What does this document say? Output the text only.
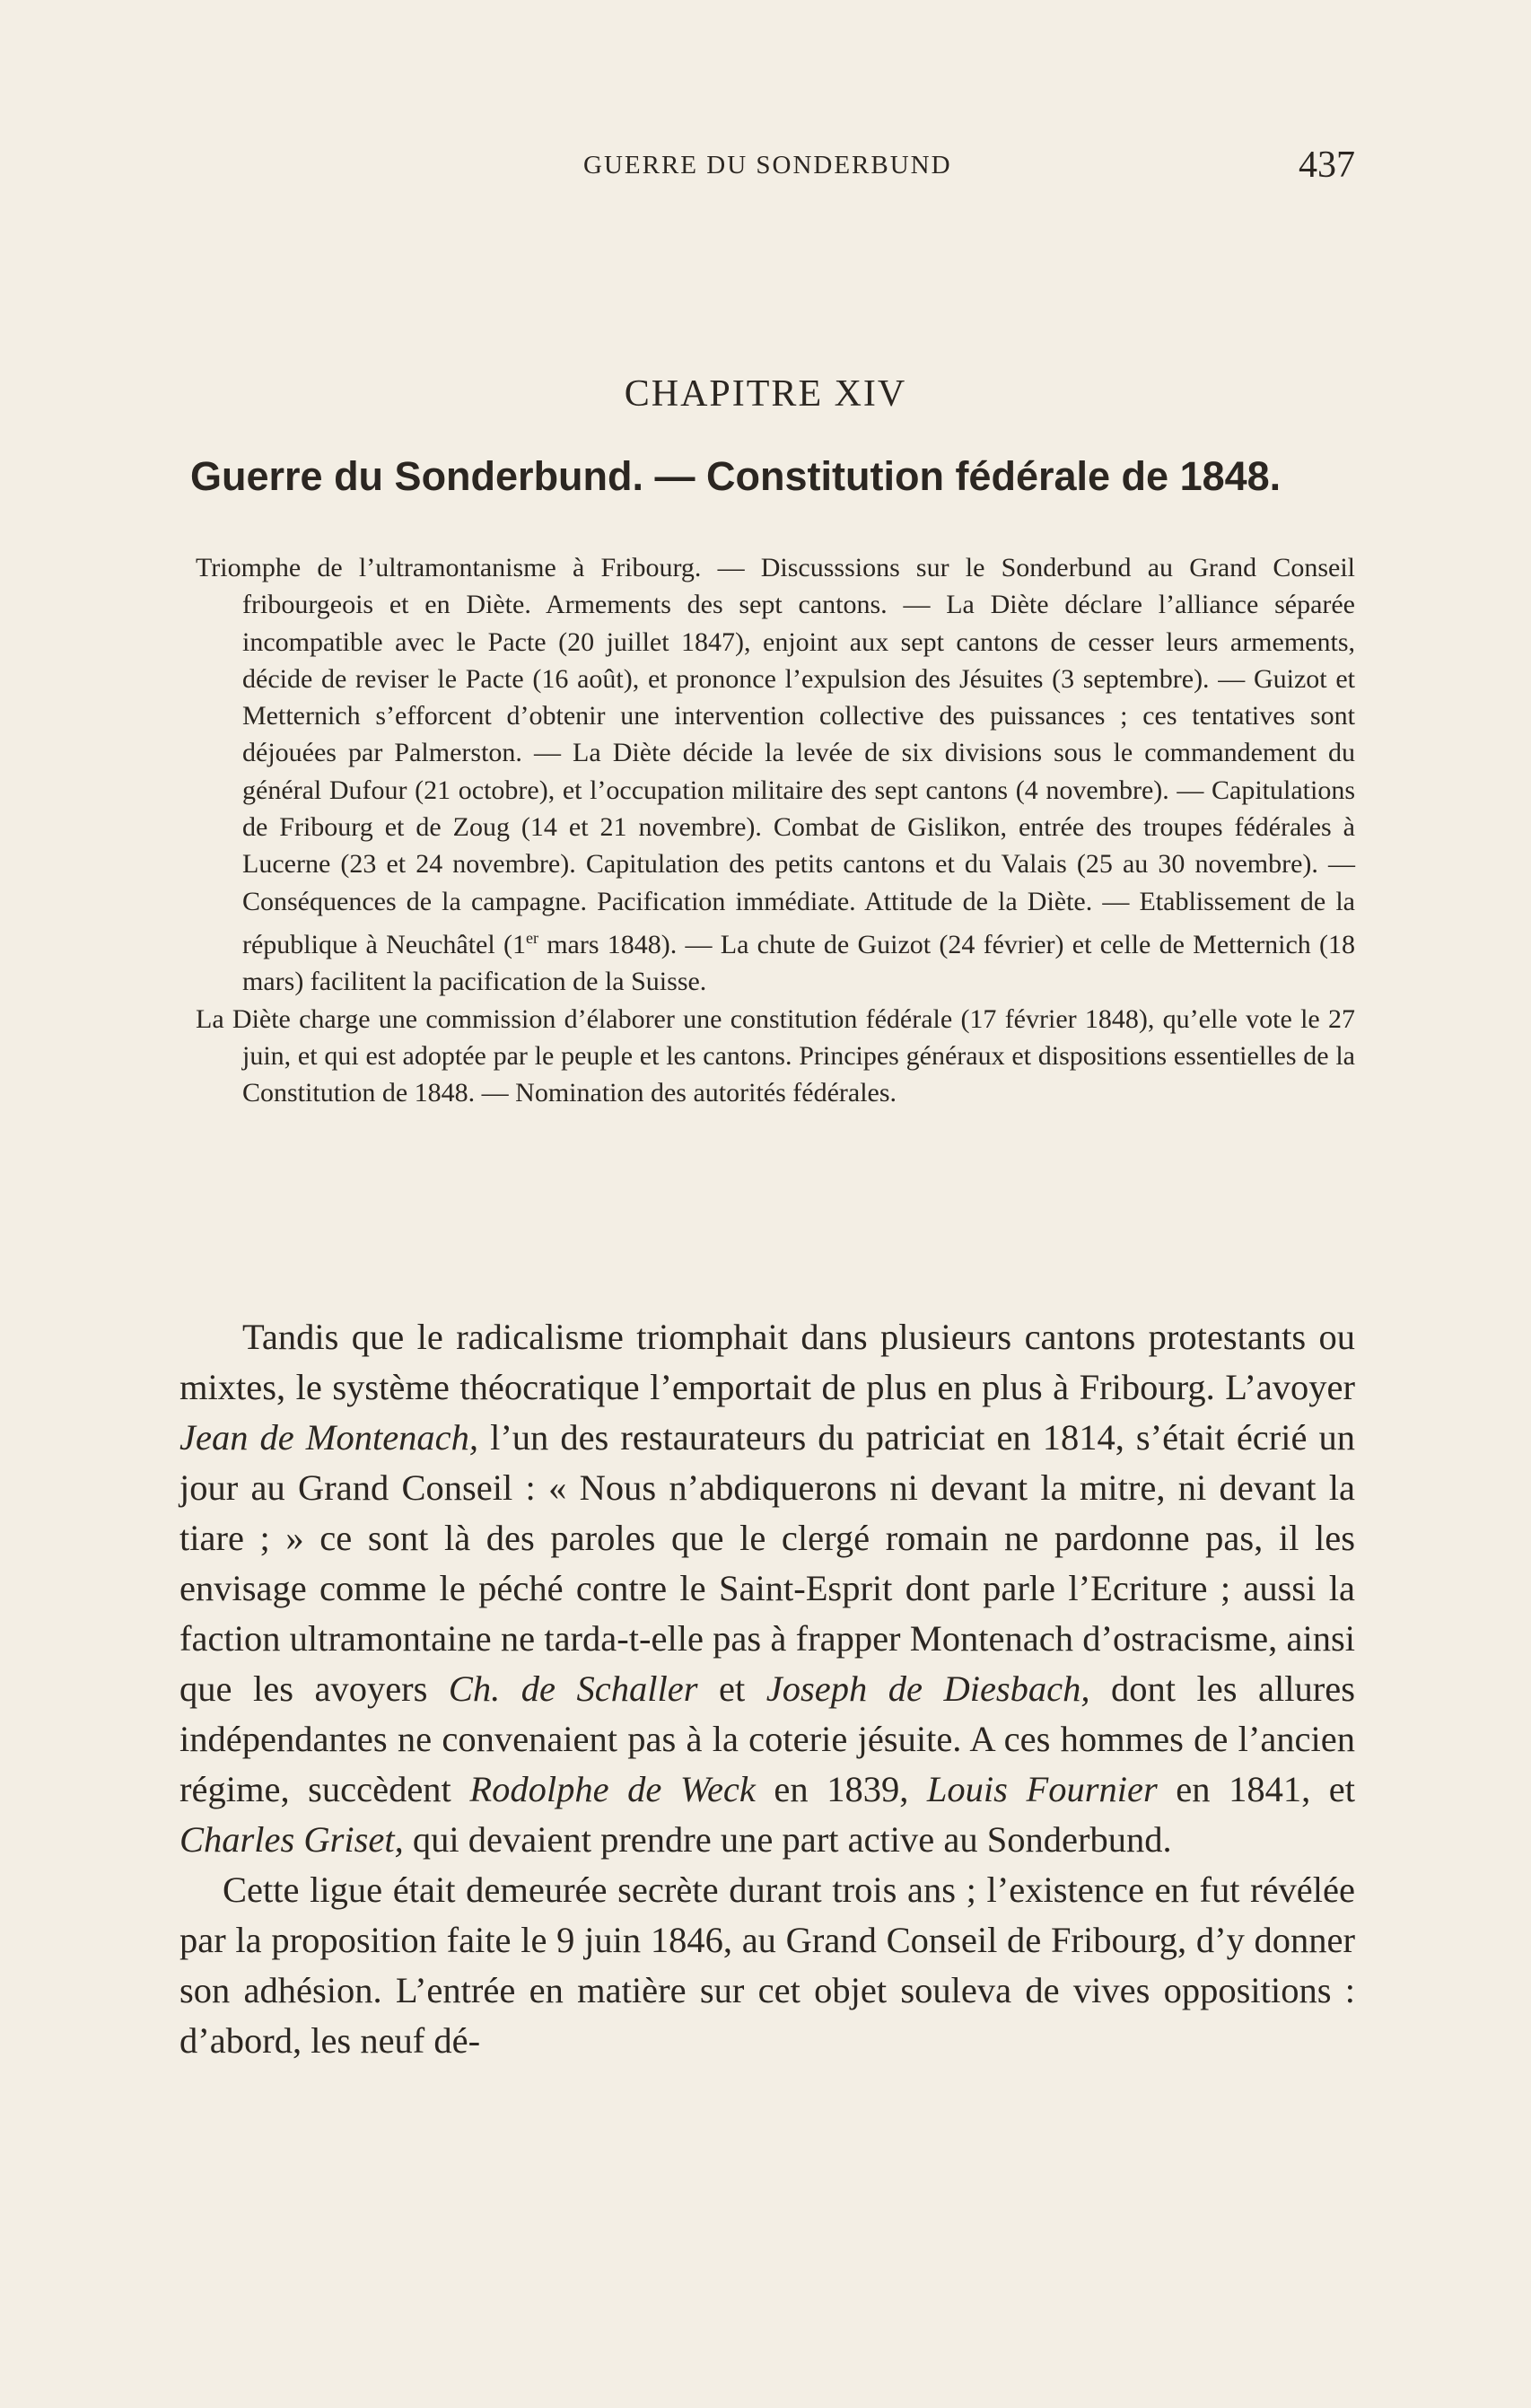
GUERRE DU SONDERBUND	437
CHAPITRE XIV
Guerre du Sonderbund. — Constitution fédérale de 1848.

Triomphe de l’ultramontanisme à Fribourg. — Discusssions sur le Sonderbund au Grand Conseil fribourgeois et en Diète. Armements des sept cantons. — La Diète déclare l’alliance séparée incompatible avec le Pacte (20 juillet 1847), enjoint aux sept cantons de cesser leurs armements, décide de reviser le Pacte (16 août), et prononce l’expulsion des Jésuites (3 septembre). — Guizot et Metternich s’efforcent d’obtenir une intervention collective des puissances ; ces tentatives sont déjouées par Palmerston. — La Diète décide la levée de six divisions sous le commandement du général Dufour (21 octobre), et l’occupation militaire des sept cantons (4 novembre). — Capitulations de Fribourg et de Zoug (14 et 21 novembre). Combat de Gislikon, entrée des troupes fédérales à Lucerne (23 et 24 novembre). Capitulation des petits cantons et du Valais (25 au 30 novembre). — Conséquences de la campagne. Pacification immédiate. Attitude de la Diète. — Etablissement de la république à Neuchâtel (1er mars 1848). — La chute de Guizot (24 février) et celle de Metternich (18 mars) facilitent la pacification de la Suisse.

La Diète charge une commission d’élaborer une constitution fédérale (17 février 1848), qu’elle vote le 27 juin, et qui est adoptée par le peuple et les cantons. Principes généraux et dispositions essentielles de la Constitution de 1848. — Nomination des autorités fédérales.

Tandis que le radicalisme triomphait dans plusieurs cantons protestants ou mixtes, le système théocratique l’emportait de plus en plus à Fribourg. L’avoyer Jean de Montenach, l’un des restaurateurs du patriciat en 1814, s’était écrié un jour au Grand Conseil : « Nous n’abdiquerons ni devant la mitre, ni devant la tiare ; » ce sont là des paroles que le clergé romain ne pardonne pas, il les envisage comme le péché contre le Saint-Esprit dont parle l’Ecriture ; aussi la faction ultramontaine ne tarda-t-elle pas à frapper Montenach d’ostracisme, ainsi que les avoyers Ch. de Schaller et Joseph de Diesbach, dont les allures indépendantes ne convenaient pas à la coterie jésuite. A ces hommes de l’ancien régime, succèdent Rodolphe de Weck en 1839, Louis Fournier en 1841, et Charles Griset, qui devaient prendre une part active au Sonderbund.

Cette ligue était demeurée secrète durant trois ans ; l’existence en fut révélée par la proposition faite le 9 juin 1846, au Grand Conseil de Fribourg, d’y donner son adhésion. L’entrée en matière sur cet objet souleva de vives oppositions : d’abord, les neuf dé-
